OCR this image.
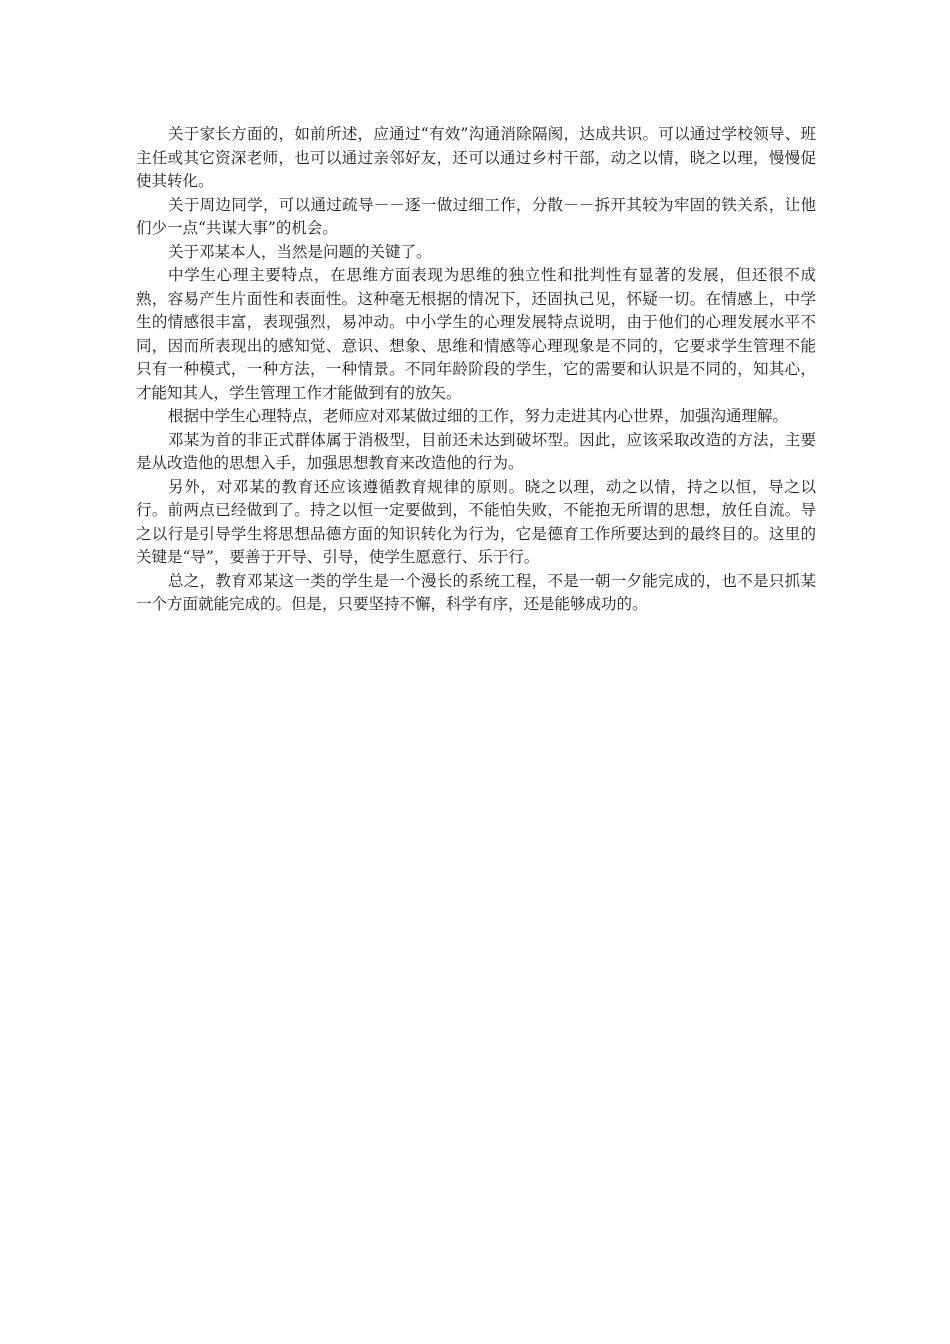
关于家长方面的，如前所述，应通过“有效”沟通消除隔阂，达成共识。可以通过学校领导、班主任或其它资深老师，也可以通过亲邻好友，还可以通过乡村干部，动之以情，晓之以理，慢慢促使其转化。

关于周边同学，可以通过疏导－－逐一做过细工作，分散－－拆开其较为牢固的铁关系，让他们少一点“共谋大事”的机会。

关于邓某本人，当然是问题的关键了。

中学生心理主要特点，在思维方面表现为思维的独立性和批判性有显著的发展，但还很不成熟，容易产生片面性和表面性。这种毫无根据的情况下，还固执己见，怀疑一切。在情感上，中学生的情感很丰富，表现强烈，易冲动。中小学生的心理发展特点说明，由于他们的心理发展水平不同，因而所表现出的感知觉、意识、想象、思维和情感等心理现象是不同的，它要求学生管理不能只有一种模式，一种方法，一种情景。不同年龄阶段的学生，它的需要和认识是不同的，知其心，才能知其人，学生管理工作才能做到有的放矢。

根据中学生心理特点，老师应对邓某做过细的工作，努力走进其内心世界，加强沟通理解。

邓某为首的非正式群体属于消极型，目前还未达到破坏型。因此，应该采取改造的方法，主要是从改造他的思想入手，加强思想教育来改造他的行为。

另外，对邓某的教育还应该遵循教育规律的原则。晓之以理，动之以情，持之以恒，导之以行。前两点已经做到了。持之以恒一定要做到，不能怕失败，不能抱无所谓的思想，放任自流。导之以行是引导学生将思想品德方面的知识转化为行为，它是德育工作所要达到的最终目的。这里的关键是“导”，要善于开导、引导，使学生愿意行、乐于行。

总之，教育邓某这一类的学生是一个漫长的系统工程，不是一朝一夕能完成的，也不是只抓某一个方面就能完成的。但是，只要坚持不懈，科学有序，还是能够成功的。
